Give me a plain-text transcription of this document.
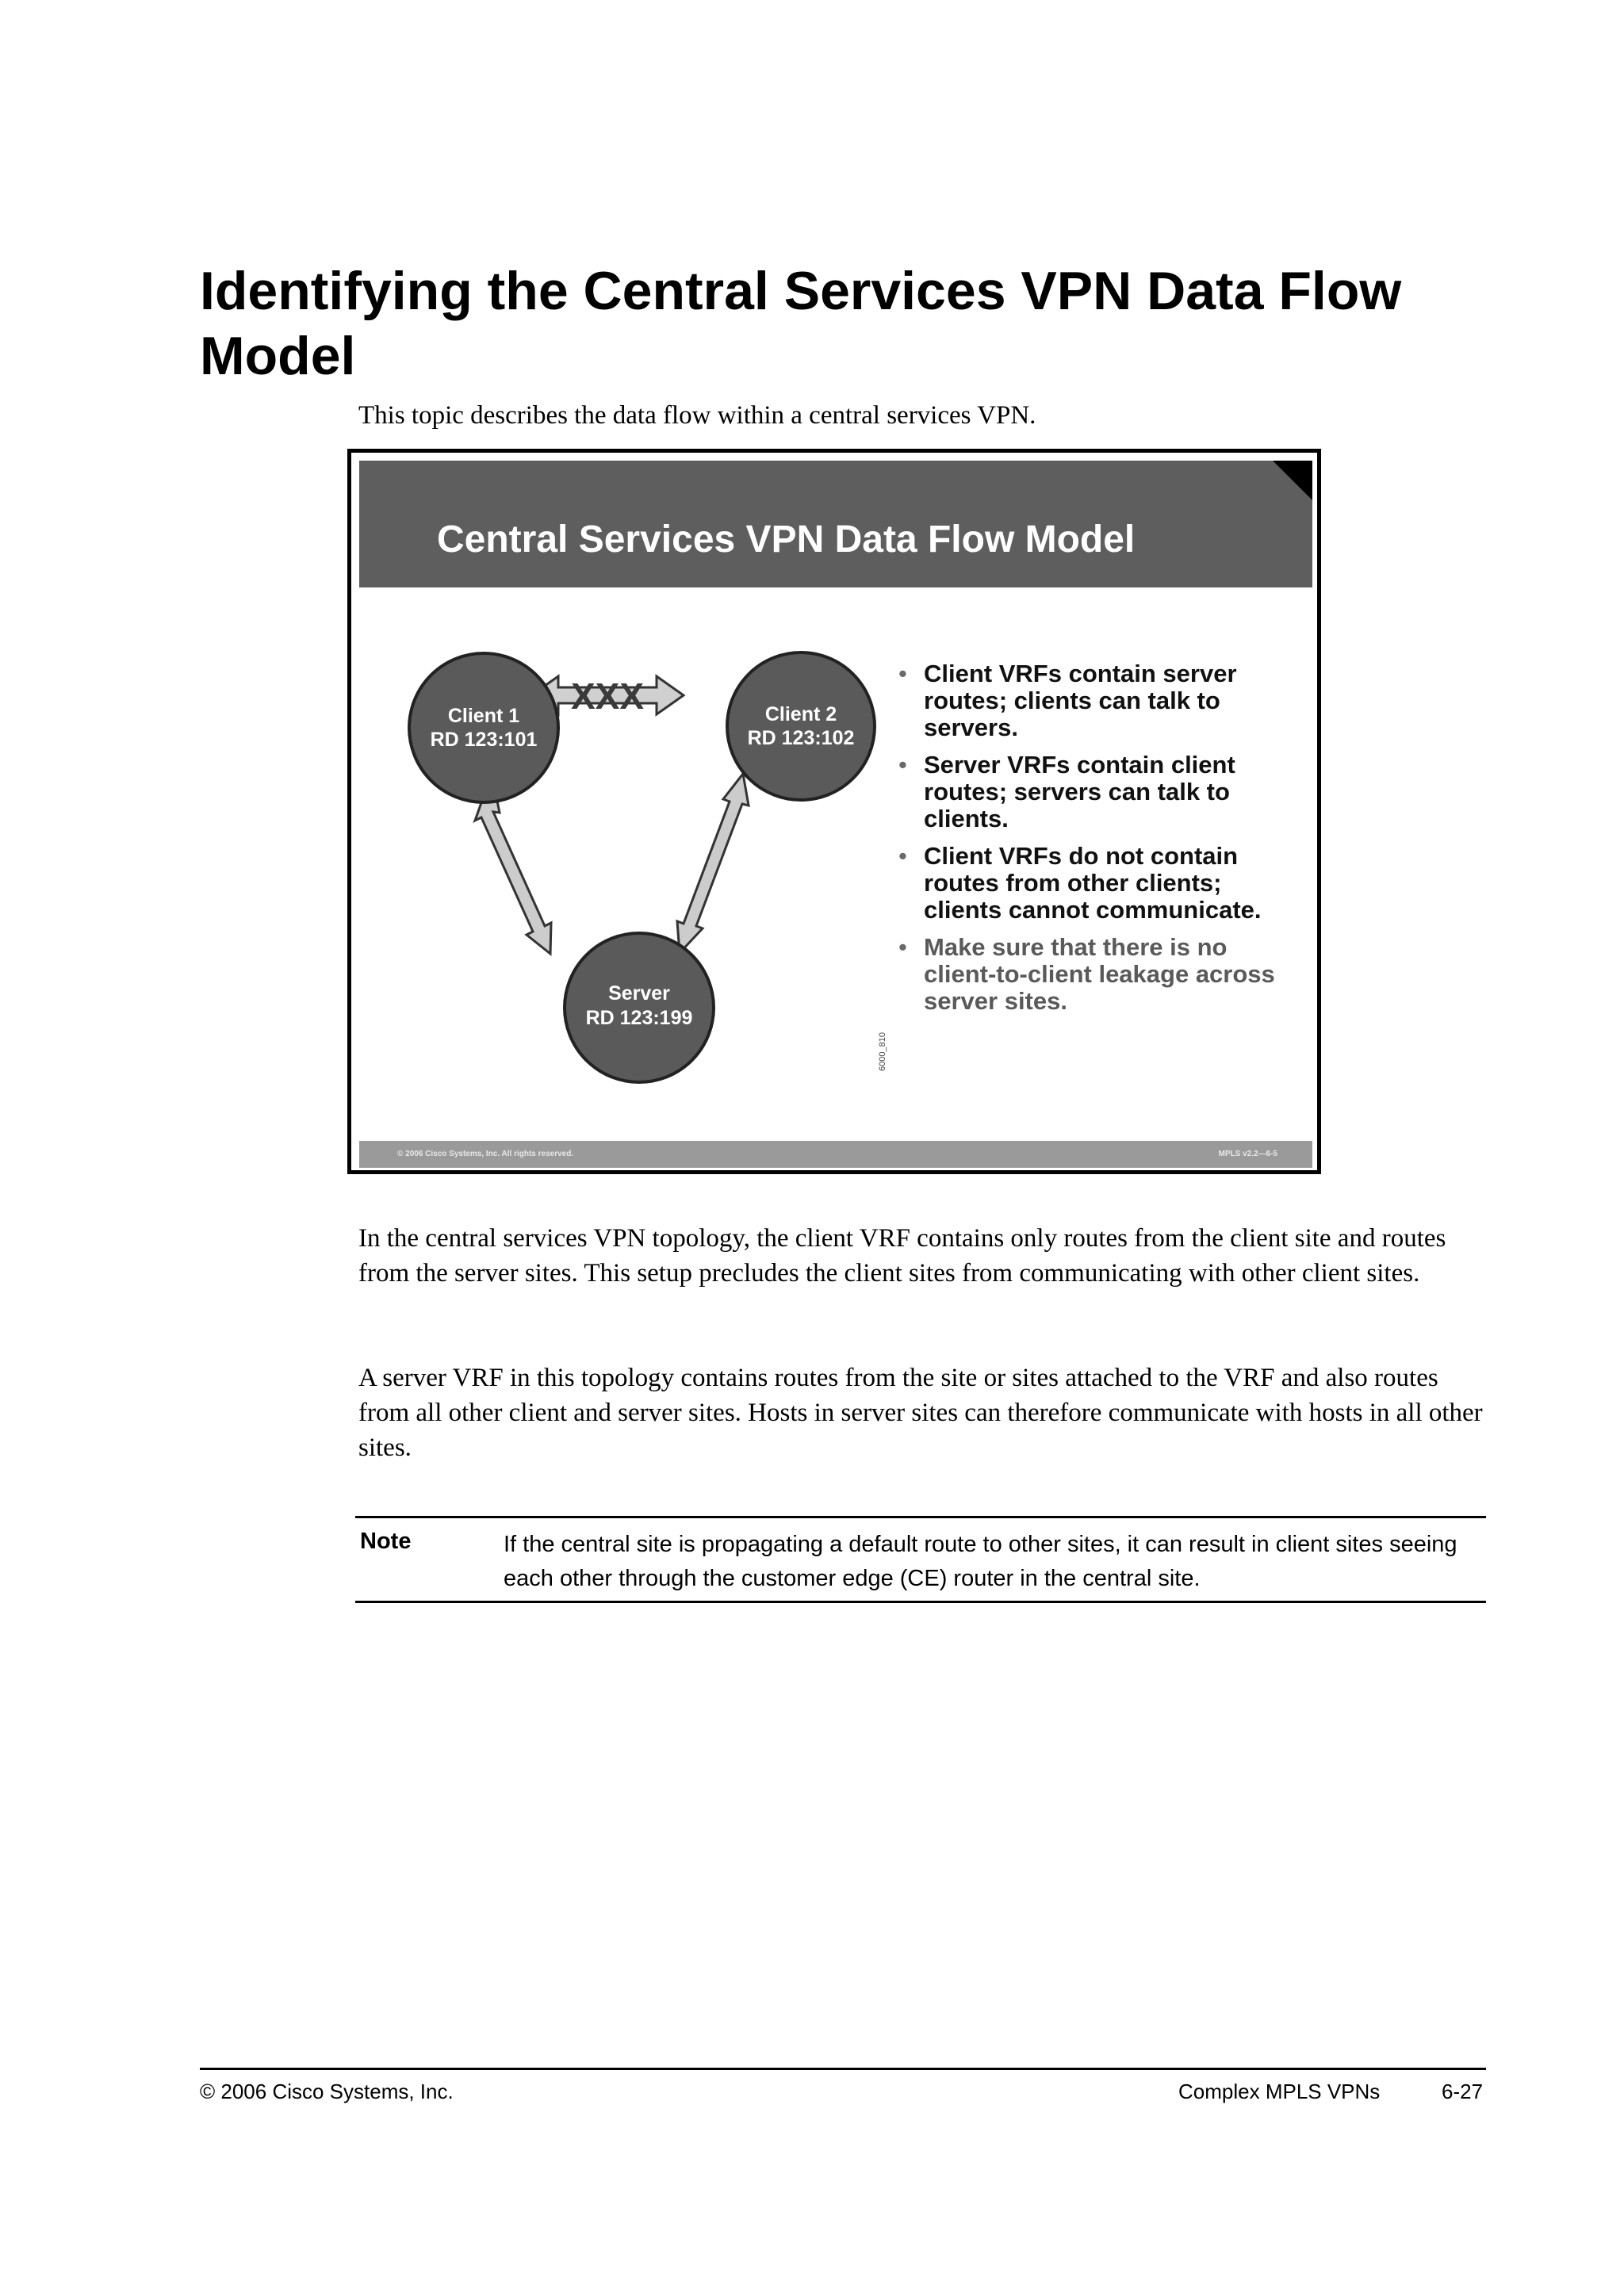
Identifying the Central Services VPN Data Flow Model
This topic describes the data flow within a central services VPN.
Central Services VPN Data Flow Model
XXX
Client 1
RD 123:101
Client 2
RD 123:102
Server
RD 123:199
6000_810
• Client VRFs contain server routes; clients can talk to servers.
• Server VRFs contain client routes; servers can talk to clients.
• Client VRFs do not contain routes from other clients; clients cannot communicate.
• Make sure that there is no client-to-client leakage across server sites.
© 2006 Cisco Systems, Inc. All rights reserved.	MPLS v2.2—6-5

In the central services VPN topology, the client VRF contains only routes from the client site and routes from the server sites. This setup precludes the client sites from communicating with other client sites.

A server VRF in this topology contains routes from the site or sites attached to the VRF and also routes from all other client and server sites. Hosts in server sites can therefore communicate with hosts in all other sites.

Note	If the central site is propagating a default route to other sites, it can result in client sites seeing each other through the customer edge (CE) router in the central site.
© 2006 Cisco Systems, Inc.	Complex MPLS VPNs	6-27
